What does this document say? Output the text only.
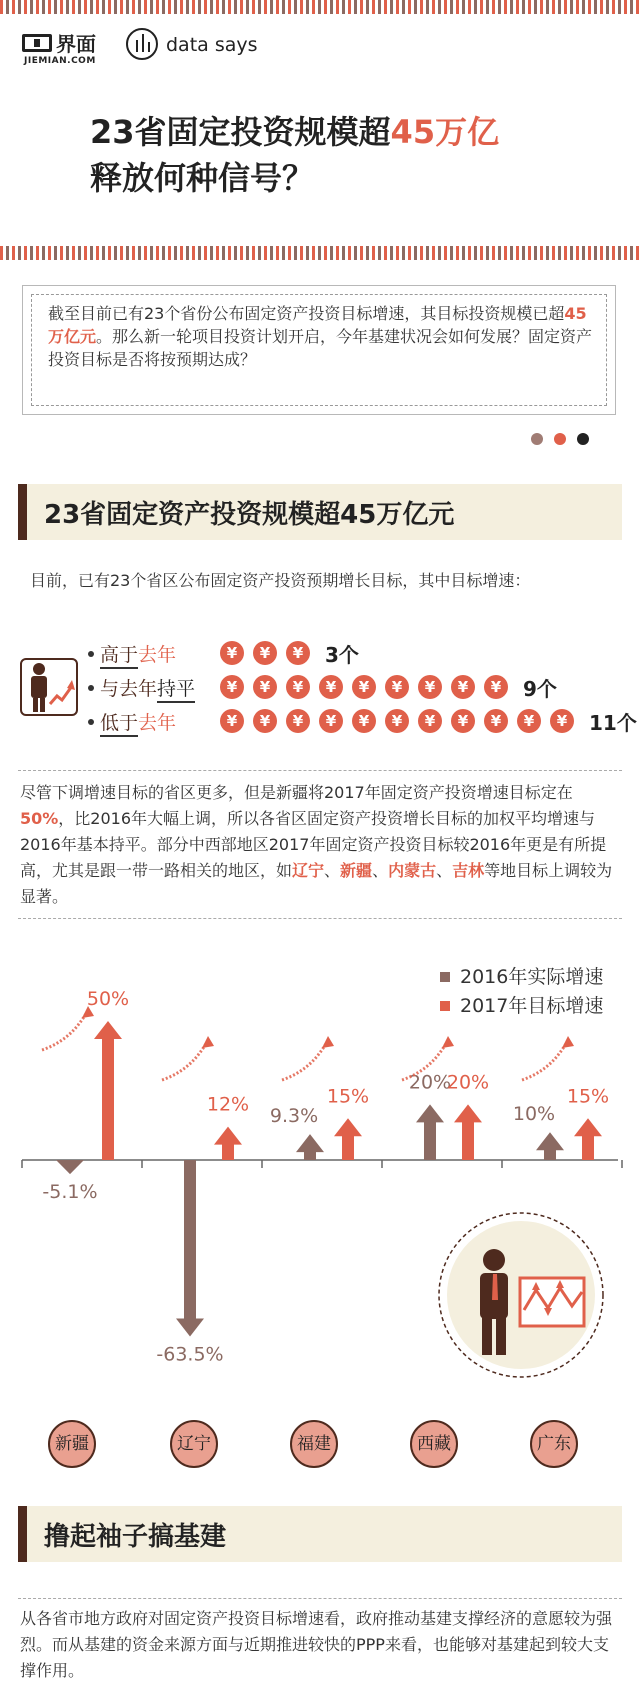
界面
JIEMIAN.COM
data says
23省固定投资规模超45万亿
释放何种信号？
截至目前已有23个省份公布固定资产投资目标增速，其目标投资规模已超45万亿元。那么新一轮项目投资计划开启，今年基建状况会如何发展？固定资产投资目标是否将按预期达成？
23省固定资产投资规模超45万亿元
目前，已有23个省区公布固定资产投资预期增长目标，其中目标增速：
高于去年	¥	¥	¥	3个
与去年持平	¥	¥	¥	¥	¥	¥	¥	¥	¥	9个
低于去年	¥	¥	¥	¥	¥	¥	¥	¥	¥	¥	¥	11个
尽管下调增速目标的省区更多，但是新疆将2017年固定资产投资增速目标定在50%，比2016年大幅上调，所以各省区固定资产投资增长目标的加权平均增速与2016年基本持平。部分中西部地区2017年固定资产投资目标较2016年更是有所提高，尤其是跟一带一路相关的地区，如辽宁、新疆、内蒙古、吉林等地目标上调较为显著。
2016年实际增速
2017年目标增速
-5.1%
50%
-63.5%
12%
9.3%
15%
20%
20%
10%
15%
新疆	辽宁	福建	西藏	广东
撸起袖子搞基建
从各省市地方政府对固定资产投资目标增速看，政府推动基建支撑经济的意愿较为强烈。而从基建的资金来源方面与近期推进较快的PPP来看，也能够对基建起到较大支撑作用。
